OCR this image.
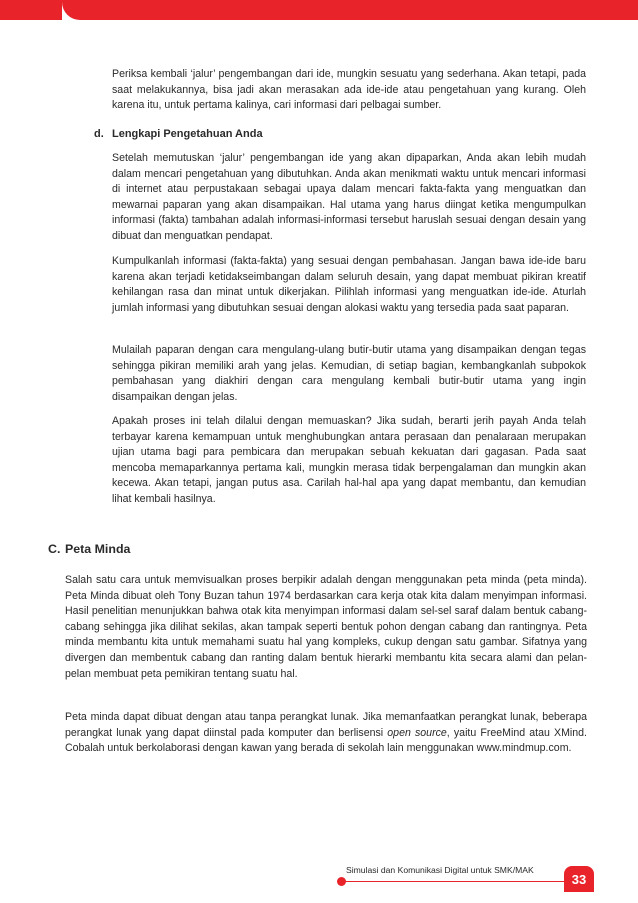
Periksa kembali ‘jalur’ pengembangan dari ide, mungkin sesuatu yang sederhana. Akan tetapi, pada saat melakukannya, bisa jadi akan merasakan ada ide-ide atau pengetahuan yang kurang. Oleh karena itu, untuk pertama kalinya, cari informasi dari pelbagai sumber.

d. Lengkapi Pengetahuan Anda

Setelah memutuskan ‘jalur’ pengembangan ide yang akan dipaparkan, Anda akan lebih mudah dalam mencari pengetahuan yang dibutuhkan. Anda akan menikmati waktu untuk mencari informasi di internet atau perpustakaan sebagai upaya dalam mencari fakta-fakta yang menguatkan dan mewarnai paparan yang akan disampaikan. Hal utama yang harus diingat ketika mengumpulkan informasi (fakta) tambahan adalah informasi-informasi tersebut haruslah sesuai dengan desain yang dibuat dan menguatkan pendapat.

Kumpulkanlah informasi (fakta-fakta) yang sesuai dengan pembahasan. Jangan bawa ide-ide baru karena akan terjadi ketidakseimbangan dalam seluruh desain, yang dapat membuat pikiran kreatif kehilangan rasa dan minat untuk dikerjakan. Pilihlah informasi yang menguatkan ide-ide. Aturlah jumlah informasi yang dibutuhkan sesuai dengan alokasi waktu yang tersedia pada saat paparan.

Mulailah paparan dengan cara mengulang-ulang butir-butir utama yang disampaikan dengan tegas sehingga pikiran memiliki arah yang jelas. Kemudian, di setiap bagian, kembangkanlah subpokok pembahasan yang diakhiri dengan cara mengulang kembali butir-butir utama yang ingin disampaikan dengan jelas.

Apakah proses ini telah dilalui dengan memuaskan? Jika sudah, berarti jerih payah Anda telah terbayar karena kemampuan untuk menghubungkan antara perasaan dan penalaraan merupakan ujian utama bagi para pembicara dan merupakan sebuah kekuatan dari gagasan. Pada saat mencoba memaparkannya pertama kali, mungkin merasa tidak berpengalaman dan mungkin akan kecewa. Akan tetapi, jangan putus asa. Carilah hal-hal apa yang dapat membantu, dan kemudian lihat kembali hasilnya.

C. Peta Minda

Salah satu cara untuk memvisualkan proses berpikir adalah dengan menggunakan peta minda (peta minda). Peta Minda dibuat oleh Tony Buzan tahun 1974 berdasarkan cara kerja otak kita dalam menyimpan informasi. Hasil penelitian menunjukkan bahwa otak kita menyimpan informasi dalam sel-sel saraf dalam bentuk cabang-cabang sehingga jika dilihat sekilas, akan tampak seperti bentuk pohon dengan cabang dan rantingnya. Peta minda membantu kita untuk memahami suatu hal yang kompleks, cukup dengan satu gambar. Sifatnya yang divergen dan membentuk cabang dan ranting dalam bentuk hierarki membantu kita secara alami dan pelan-pelan membuat peta pemikiran tentang suatu hal.

Peta minda dapat dibuat dengan atau tanpa perangkat lunak. Jika memanfaatkan perangkat lunak, beberapa perangkat lunak yang dapat diinstal pada komputer dan berlisensi open source, yaitu FreeMind atau XMind. Cobalah untuk berkolaborasi dengan kawan yang berada di sekolah lain menggunakan www.mindmup.com.

Simulasi dan Komunikasi Digital untuk SMK/MAK
33
